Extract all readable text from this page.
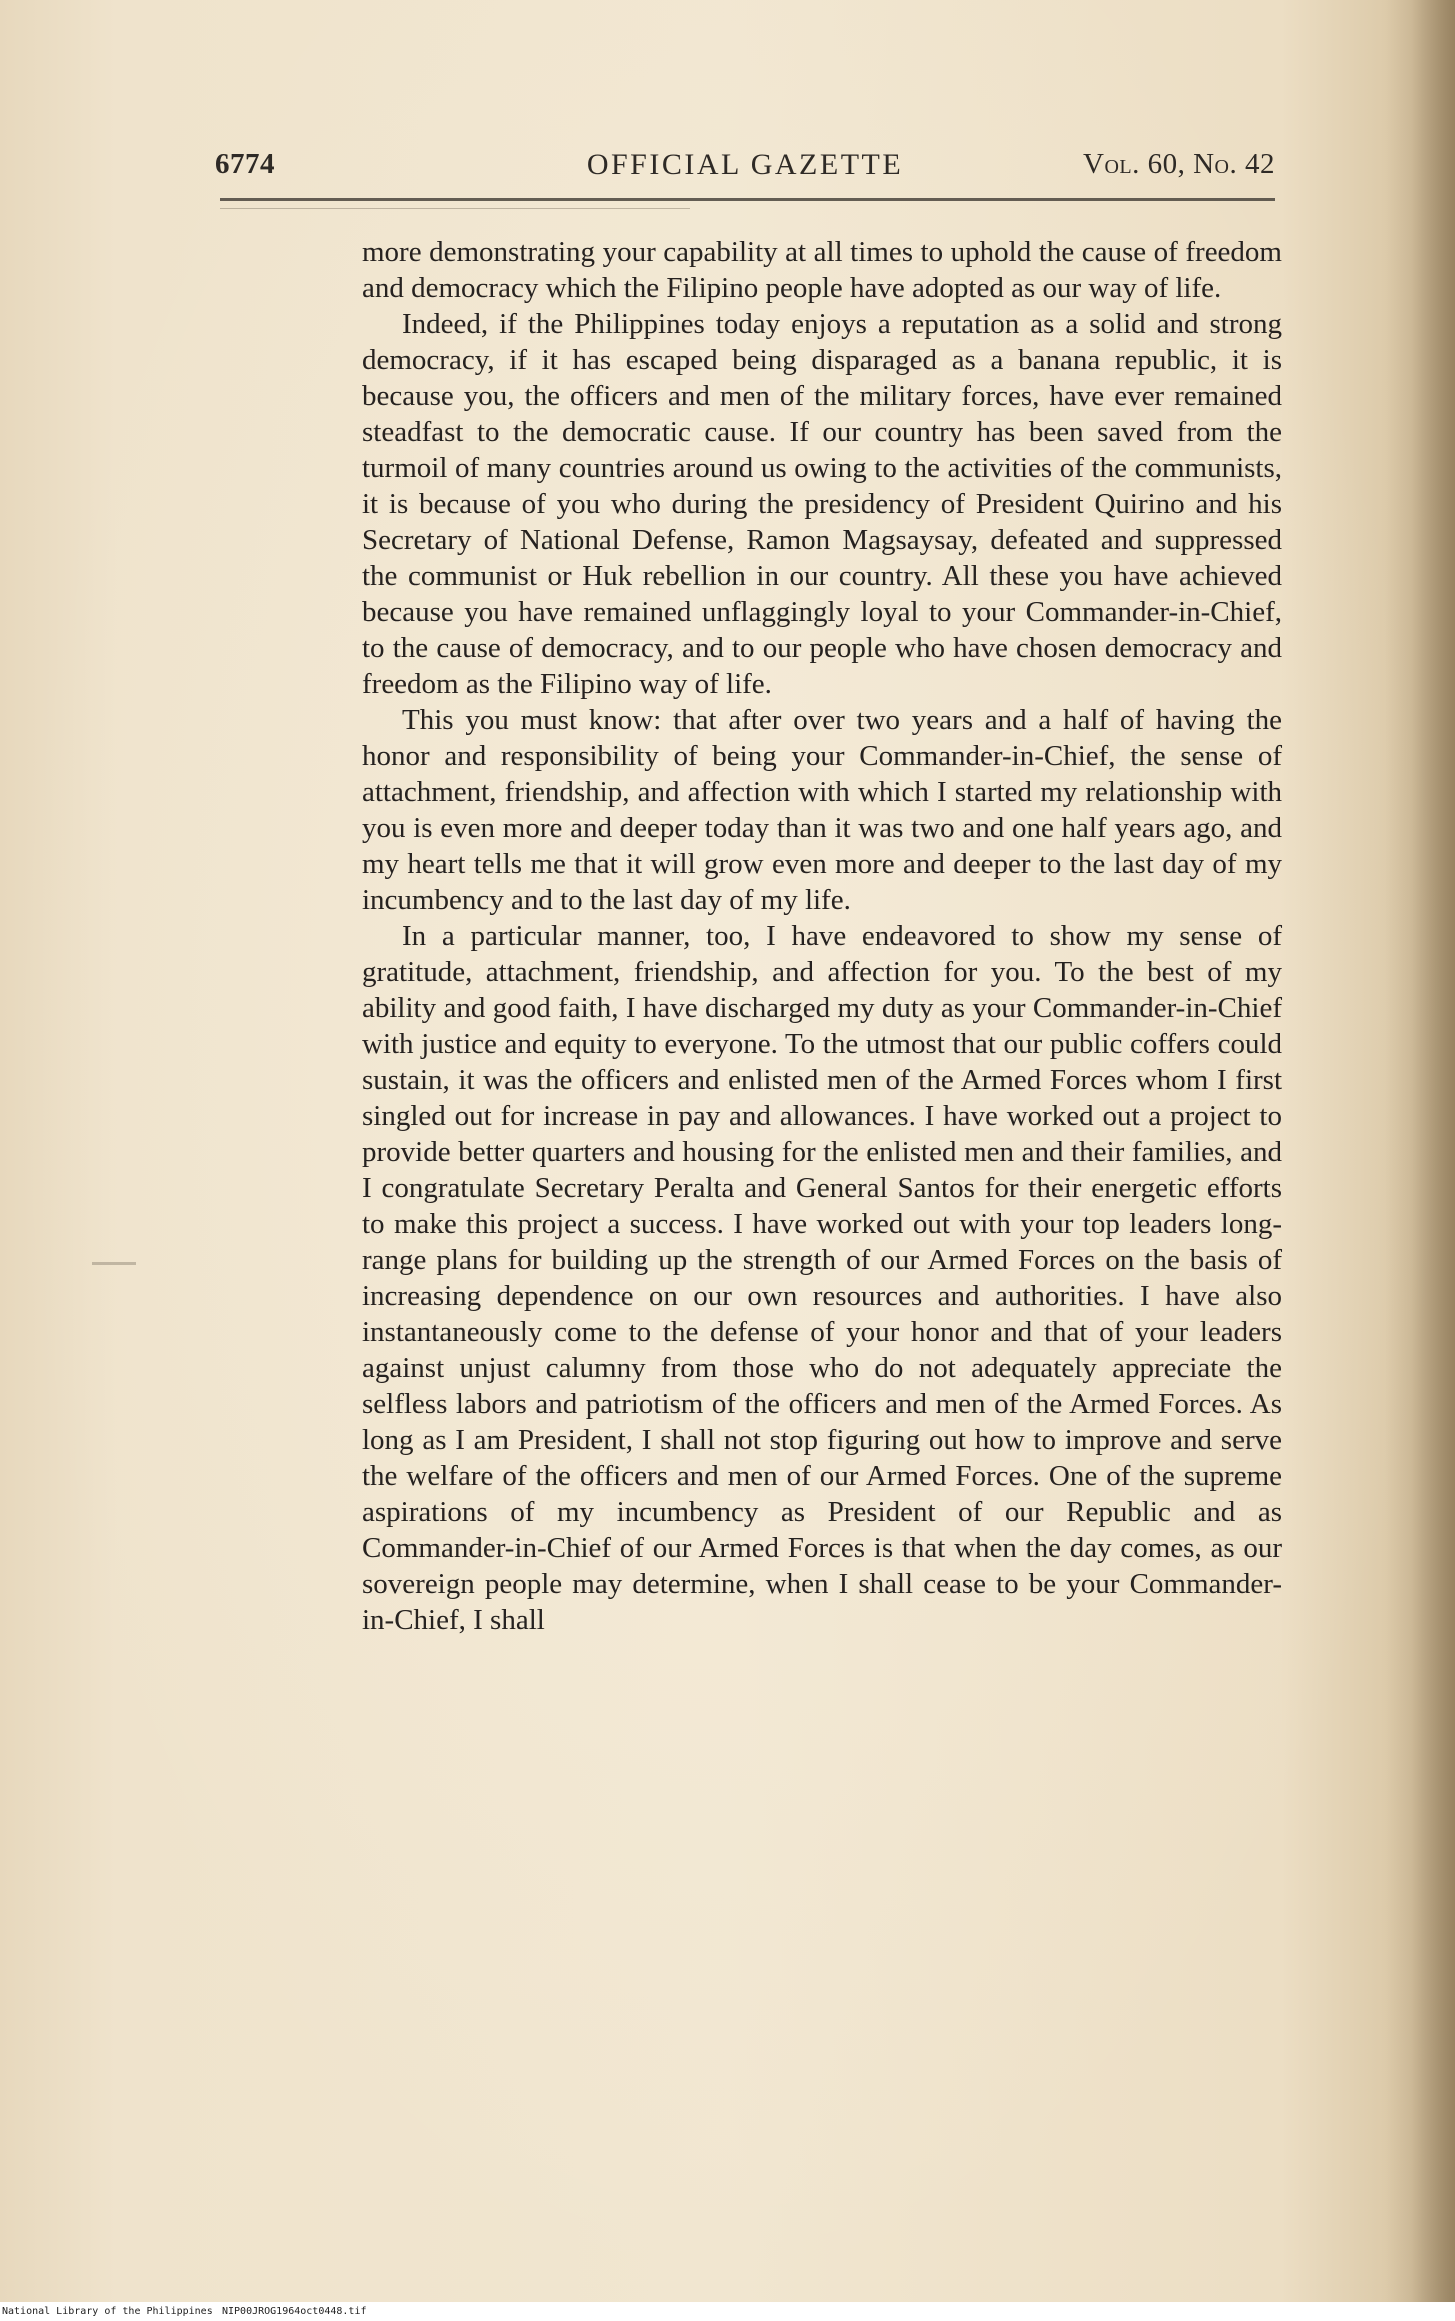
6774	OFFICIAL GAZETTE	Vol. 60, No. 42

more demonstrating your capability at all times to uphold the cause of freedom and democracy which the Filipino people have adopted as our way of life.

Indeed, if the Philippines today enjoys a reputation as a solid and strong democracy, if it has escaped being disparaged as a banana republic, it is because you, the officers and men of the military forces, have ever remained steadfast to the democratic cause. If our country has been saved from the turmoil of many countries around us owing to the activities of the communists, it is because of you who during the presidency of President Quirino and his Secretary of National Defense, Ramon Magsaysay, defeated and suppressed the communist or Huk rebellion in our country. All these you have achieved because you have remained unflaggingly loyal to your Commander-in-Chief, to the cause of democracy, and to our people who have chosen democracy and freedom as the Filipino way of life.

This you must know: that after over two years and a half of having the honor and responsibility of being your Commander-in-Chief, the sense of attachment, friendship, and affection with which I started my relationship with you is even more and deeper today than it was two and one half years ago, and my heart tells me that it will grow even more and deeper to the last day of my incumbency and to the last day of my life.

In a particular manner, too, I have endeavored to show my sense of gratitude, attachment, friendship, and affection for you. To the best of my ability and good faith, I have discharged my duty as your Commander-in-Chief with justice and equity to everyone. To the utmost that our public coffers could sustain, it was the officers and enlisted men of the Armed Forces whom I first singled out for increase in pay and allowances. I have worked out a project to provide better quarters and housing for the enlisted men and their families, and I congratulate Secretary Peralta and General Santos for their energetic efforts to make this project a success. I have worked out with your top leaders long-range plans for building up the strength of our Armed Forces on the basis of increasing dependence on our own resources and authorities. I have also instantaneously come to the defense of your honor and that of your leaders against unjust calumny from those who do not adequately appreciate the selfless labors and patriotism of the officers and men of the Armed Forces. As long as I am President, I shall not stop figuring out how to improve and serve the welfare of the officers and men of our Armed Forces. One of the supreme aspirations of my incumbency as President of our Republic and as Commander-in-Chief of our Armed Forces is that when the day comes, as our sovereign people may determine, when I shall cease to be your Commander-in-Chief, I shall

National Library of the Philippines NIP00JROG1964oct0448.tif
